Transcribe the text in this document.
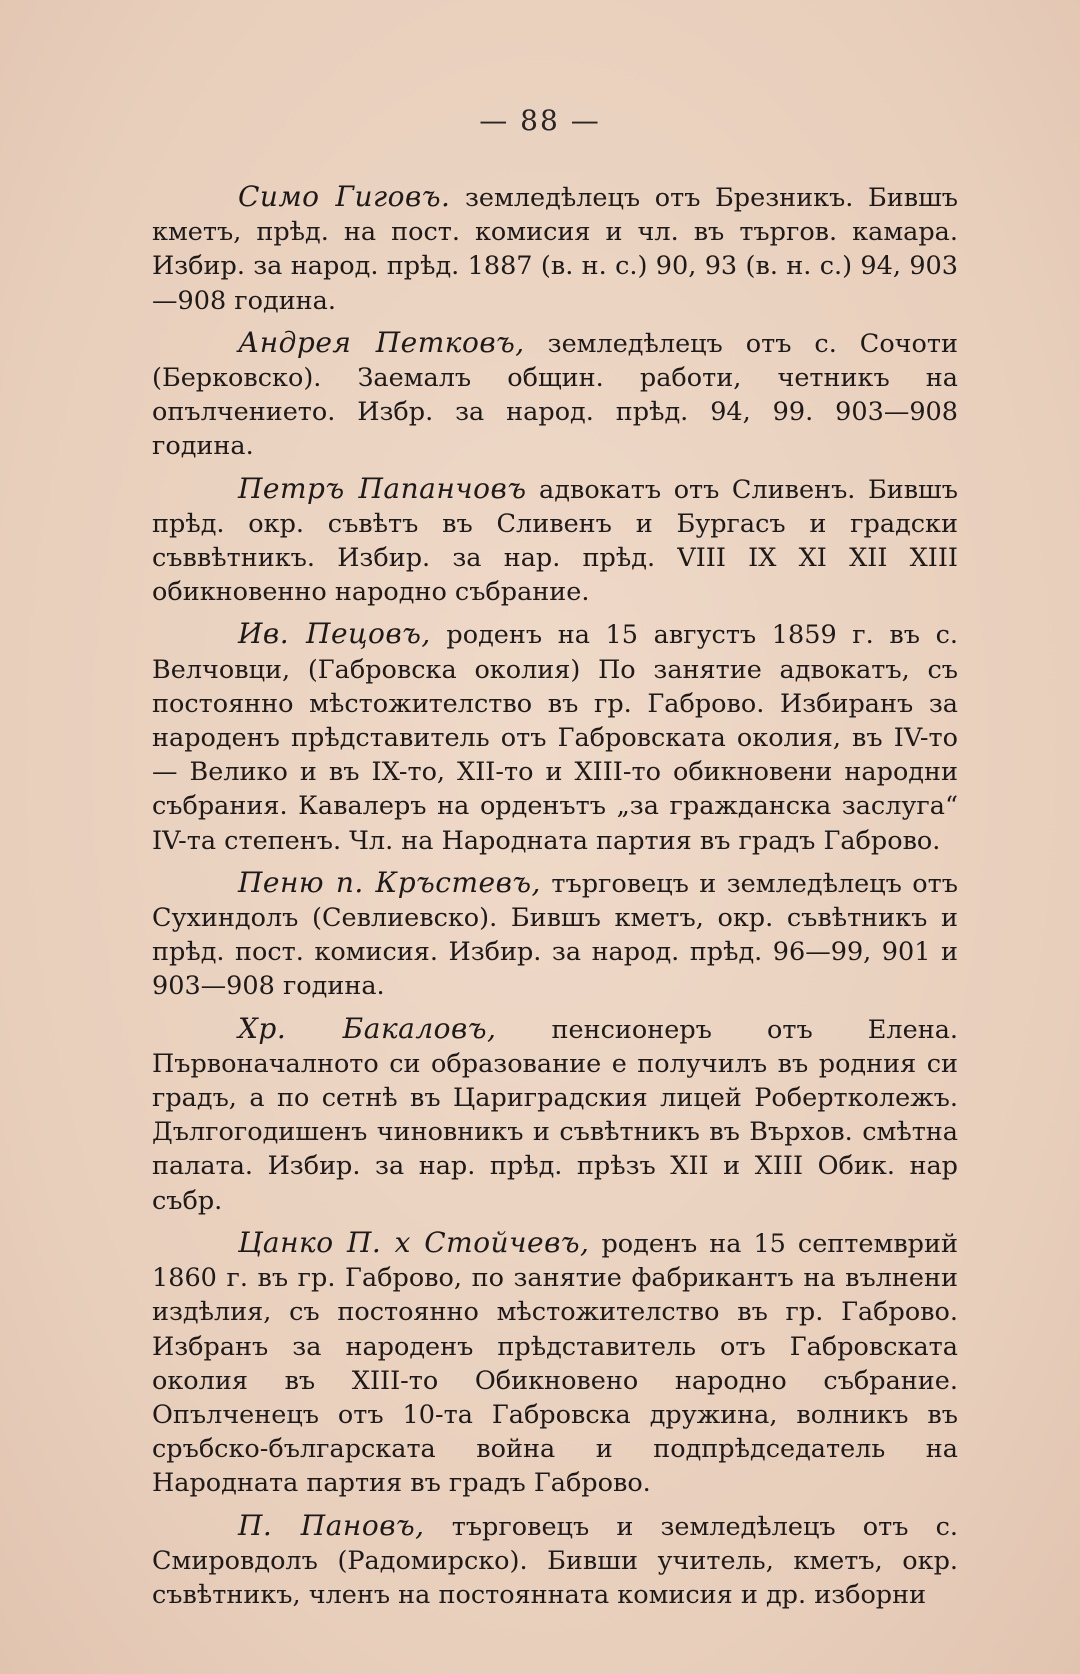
— 88 —

Симо Гиговъ. земледѣлецъ отъ Брезникъ. Бившъ кметъ, прѣд. на пост. комисия и чл. въ търгов. камара. Избир. за народ. прѣд. 1887 (в. н. с.) 90, 93 (в. н. с.) 94, 903—908 година.

Андрея Петковъ, земледѣлецъ отъ с. Сочоти (Берковско). Заемалъ общин. работи, четникъ на опълчението. Избр. за народ. прѣд. 94, 99. 903—908 година.

Петръ Папанчовъ адвокатъ отъ Сливенъ. Бившъ прѣд. окр. съвѣтъ въ Сливенъ и Бургасъ и градски съввѣтникъ. Избир. за нар. прѣд. VIII IX XI XII XIII обикновенно народно събрание.

Ив. Пецовъ, роденъ на 15 августъ 1859 г. въ с. Велчовци, (Габровска околия) По занятие адвокатъ, съ постоянно мѣстожителство въ гр. Габрово. Избиранъ за народенъ прѣдставитель отъ Габровската околия, въ IV-то — Велико и въ IX-то, XII-то и XIII-то обикновени народни събрания. Кавалеръ на орденътъ „за гражданска заслуга“ IV-та степенъ. Чл. на Народната партия въ градъ Габрово.

Пеню п. Кръстевъ, търговецъ и земледѣлецъ отъ Сухиндолъ (Севлиевско). Бившъ кметъ, окр. съвѣтникъ и прѣд. пост. комисия. Избир. за народ. прѣд. 96—99, 901 и 903—908 година.

Хр. Бакаловъ, пенсионеръ отъ Елена. Първоначалното си образование е получилъ въ родния си градъ, а по сетнѣ въ Цариградския лицей Робертколежъ. Дългогодишенъ чиновникъ и съвѣтникъ въ Върхов. смѣтна палата. Избир. за нар. прѣд. прѣзъ XII и XIII Обик. нар събр.

Цанко П. х Стойчевъ, роденъ на 15 септемврий 1860 г. въ гр. Габрово, по занятие фабрикантъ на вълнени издѣлия, съ постоянно мѣстожителство въ гр. Габрово. Избранъ за народенъ прѣдставитель отъ Габровската околия въ XIII-то Обикновено народно събрание. Опълченецъ отъ 10-та Габровска дружина, волникъ въ сръбско-българската война и подпрѣдседатель на Народната партия въ градъ Габрово.

П. Пановъ, търговецъ и земледѣлецъ отъ с. Смировдолъ (Радомирско). Бивши учитель, кметъ, окр. съвѣтникъ, членъ на постоянната комисия и др. изборни
